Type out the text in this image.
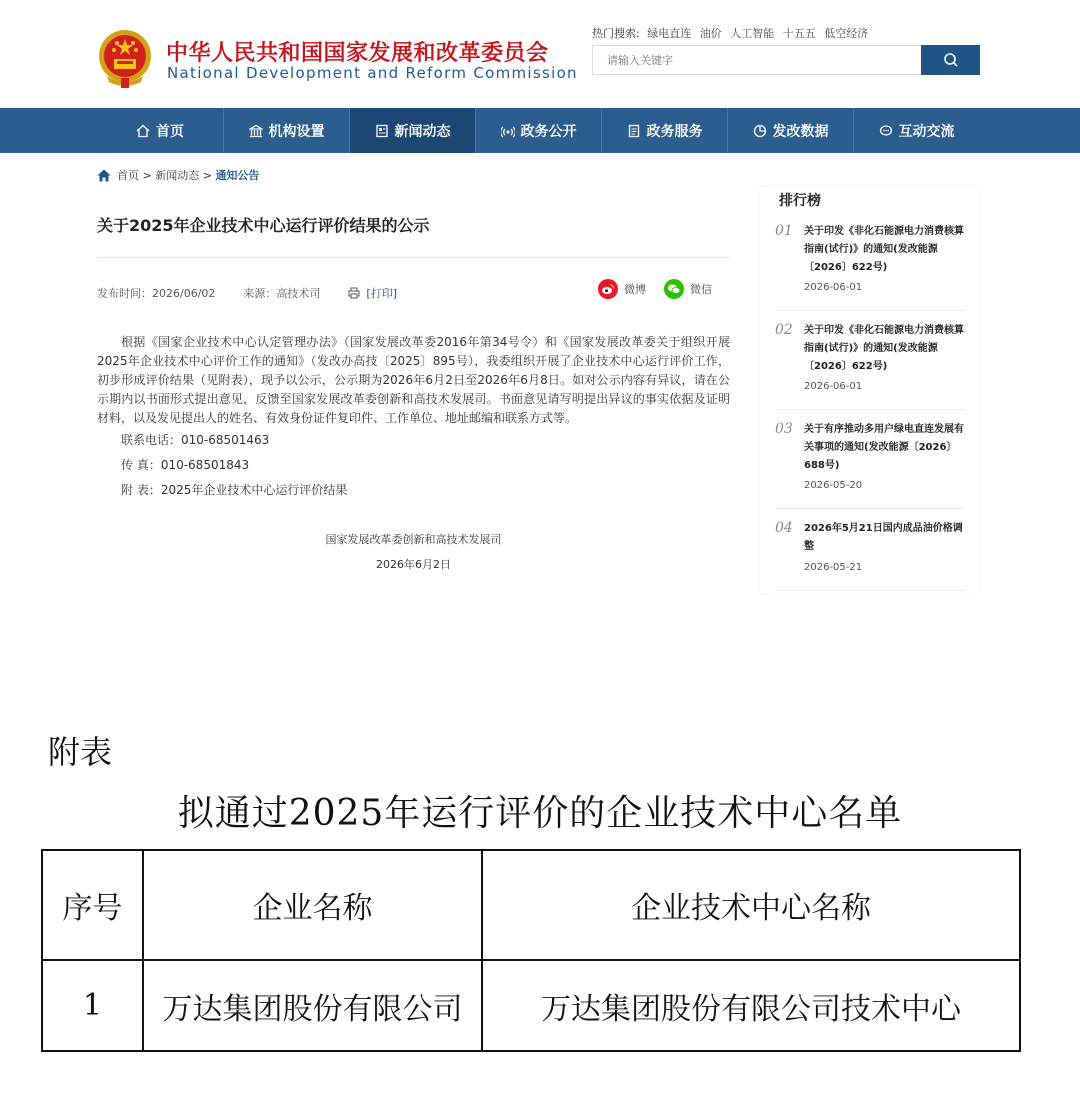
中华人民共和国国家发展和改革委员会
National Development and Reform Commission
热门搜索: 绿电直连 油价 人工智能 十五五 低空经济
请输入关键字
首页	机构设置	新闻动态	政务公开	政务服务	发改数据	互动交流
首页 > 新闻动态 > 通知公告
关于2025年企业技术中心运行评价结果的公示
发布时间：2026/06/02	来源：高技术司	[打印]	微博	微信
根据《国家企业技术中心认定管理办法》（国家发展改革委2016年第34号令）和《国家发展改革委关于组织开展2025年企业技术中心评价工作的通知》（发改办高技〔2025〕895号），我委组织开展了企业技术中心运行评价工作，初步形成评价结果（见附表），现予以公示，公示期为2026年6月2日至2026年6月8日。如对公示内容有异议，请在公示期内以书面形式提出意见，反馈至国家发展改革委创新和高技术发展司。书面意见请写明提出异议的事实依据及证明材料，以及发见提出人的姓名、有效身份证件复印件、工作单位、地址邮编和联系方式等。
联系电话：010-68501463
传 真：010-68501843
附 表：2025年企业技术中心运行评价结果
国家发展改革委创新和高技术发展司
2026年6月2日
排行榜
01 关于印发《非化石能源电力消费核算指南(试行)》的通知(发改能源〔2026〕622号)
2026-06-01
02 关于印发《非化石能源电力消费核算指南(试行)》的通知(发改能源〔2026〕622号)
2026-06-01
03 关于有序推动多用户绿电直连发展有关事项的通知(发改能源〔2026〕688号)
2026-05-20
04 2026年5月21日国内成品油价格调整
2026-05-21
附表
拟通过2025年运行评价的企业技术中心名单
序号	企业名称	企业技术中心名称
1	万达集团股份有限公司	万达集团股份有限公司技术中心
